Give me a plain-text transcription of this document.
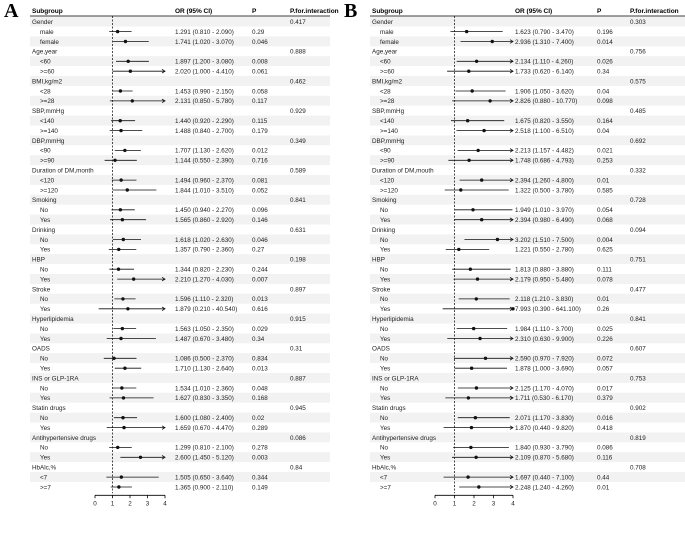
A	B
Subgroup	OR (95% CI)	P	P.for.interaction
Gender	0.417
male	1.291 (0.810 - 2.090)	0.29
female	1.741 (1.020 - 3.070)	0.046
Age,year	0.888
<60	1.897 (1.200 - 3.080)	0.008
>=60	2.020 (1.000 - 4.410)	0.061
BMI,kg/m2	0.462
<28	1.453 (0.990 - 2.150)	0.058
>=28	2.131 (0.850 - 5.780)	0.117
SBP,mmHg	0.929
<140	1.440 (0.920 - 2.290)	0.115
>=140	1.488 (0.840 - 2.700)	0.179
DBP,mmHg	0.349
<90	1.707 (1.130 - 2.620)	0.012
>=90	1.144 (0.550 - 2.390)	0.716
Duration of DM,month	0.589
<120	1.494 (0.960 - 2.370)	0.081
>=120	1.844 (1.010 - 3.510)	0.052
Smoking	0.841
No	1.450 (0.940 - 2.270)	0.096
Yes	1.565 (0.860 - 2.920)	0.146
Drinking	0.631
No	1.618 (1.020 - 2.630)	0.046
Yes	1.357 (0.790 - 2.360)	0.27
HBP	0.198
No	1.344 (0.820 - 2.230)	0.244
Yes	2.210 (1.270 - 4.030)	0.007
Stroke	0.897
No	1.596 (1.110 - 2.320)	0.013
Yes	1.879 (0.210 - 40.540) 0.616
Hyperlipidemia	0.915
No	1.563 (1.050 - 2.350)	0.029
Yes	1.487 (0.670 - 3.480)	0.34
OADS	0.31
No	1.086 (0.500 - 2.370)	0.834
Yes	1.710 (1.130 - 2.640)	0.013
INS or GLP-1RA	0.887
No	1.534 (1.010 - 2.360)	0.048
Yes	1.627 (0.830 - 3.350)	0.168
Statin drugs	0.945
No	1.600 (1.080 - 2.400)	0.02
Yes	1.659 (0.670 - 4.470)	0.289
Antihypertensive drugs	0.086
No	1.299 (0.810 - 2.100)	0.278
Yes	2.600 (1.450 - 5.120)	0.003
HbAlc,%	0.84
<7	1.505 (0.650 - 3.640)	0.344
>=7	1.365 (0.900 - 2.110)	0.149
0 1 2 3 4
Subgroup	OR (95% CI)	P	P.for.interaction
Gender	0.303
male	1.623 (0.790 - 3.470)	0.196
female	2.936 (1.310 - 7.400)	0.014
Age,year	0.756
<60	2.134 (1.110 - 4.260)	0.026
>=60	1.733 (0.620 - 6.140)	0.34
BMI,kg/m2	0.575
<28	1.906 (1.050 - 3.620)	0.04
>=28	2.826 (0.880 - 10.770)	0.098
SBP,mmHg	0.485
<140	1.675 (0.820 - 3.550)	0.164
>=140	2.518 (1.100 - 6.510)	0.04
DBP,mmHg	0.692
<90	2.213 (1.157 - 4.482)	0.021
>=90	1.748 (0.686 - 4.793)	0.253
Duration of DM,mouth	0.332
<120	2.394 (1.260 - 4.800)	0.01
>=120	1.322 (0.500 - 3.780)	0.585
Smoking	0.728
No	1.949 (1.010 - 3.970)	0.054
Yes	2.394 (0.980 - 6.490)	0.068
Drinking	0.094
No	3.202 (1.510 - 7.500)	0.004
Yes	1.221 (0.550 - 2.780)	0.625
HBP	0.751
No	1.813 (0.880 - 3.880)	0.111
Yes	2.179 (0.950 - 5.480)	0.078
Stroke	0.477
No	2.118 (1.210 - 3.830)	0.01
Yes	7.993 (0.390 - 641.100)	0.26
Hyperlipidemia	0.841
No	1.984 (1.110 - 3.700)	0.025
Yes	2.310 (0.630 - 9.900)	0.226
OADS	0.607
No	2.590 (0.970 - 7.920)	0.072
Yes	1.878 (1.000 - 3.690)	0.057
INS or GLP-1RA	0.753
No	2.125 (1.170 - 4.070)	0.017
Yes	1.711 (0.530 - 6.170)	0.379
Statin drugs	0.902
No	2.071 (1.170 - 3.830)	0.016
Yes	1.870 (0.440 - 9.820)	0.418
Antihypertensive drugs	0.819
No	1.840 (0.930 - 3.790)	0.086
Yes	2.109 (0.870 - 5.680)	0.116
HbAlc,%	0.708
<7	1.697 (0.440 - 7.100)	0.44
>=7	2.248 (1.240 - 4.260)	0.01
0	1	2	3	4
